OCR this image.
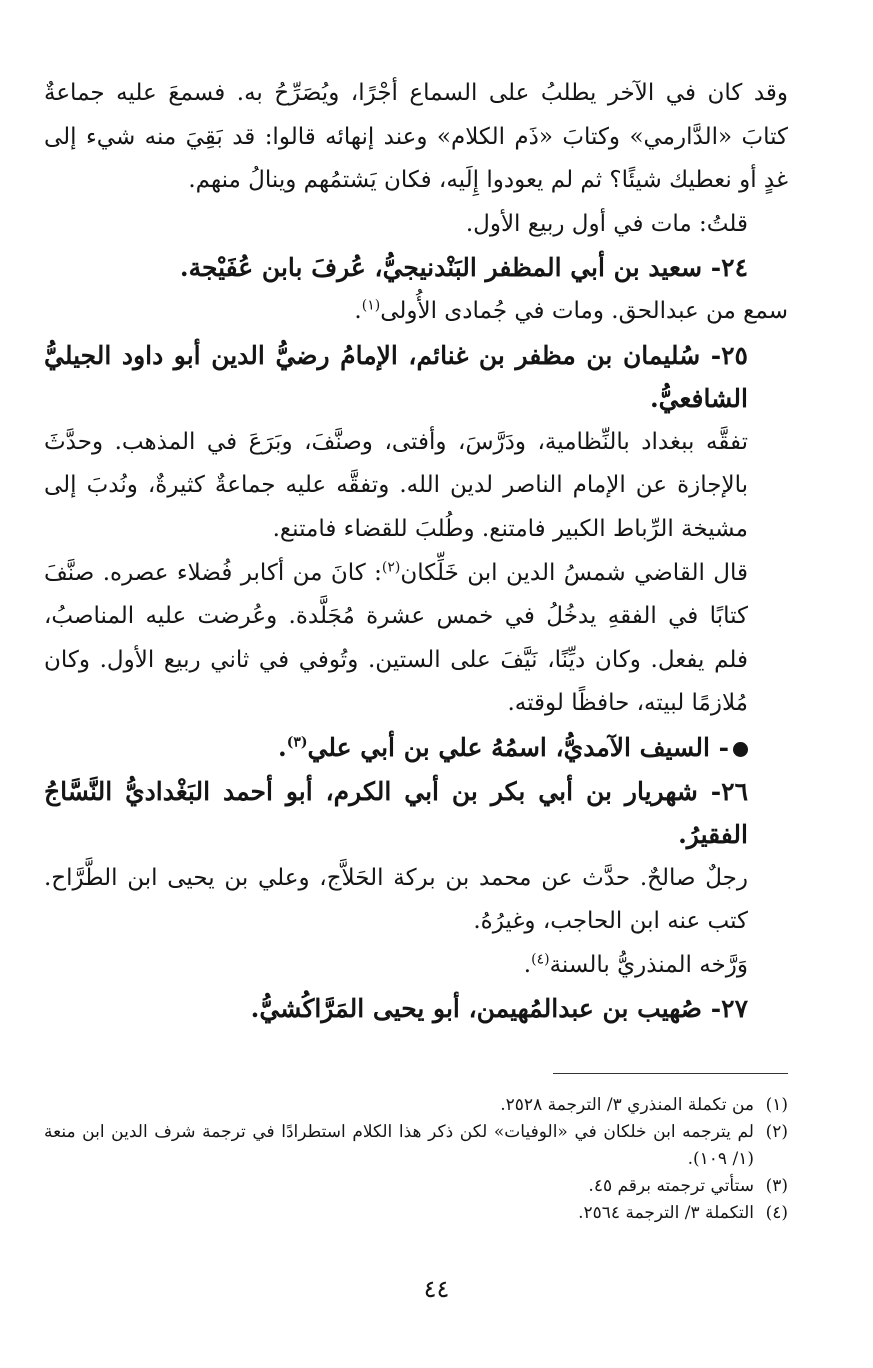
وقد كان في الآخر يطلبُ على السماع أجْرًا، ويُصَرِّحُ به. فسمعَ عليه جماعةٌ كتابَ «الدَّارمي» وكتابَ «ذَم الكلام» وعند إنهائه قالوا: قد بَقِيَ منه شيء إلى غدٍ أو نعطيك شيئًا؟ ثم لم يعودوا إِلَيه، فكان يَشتمُهم وينالُ منهم.

قلتُ: مات في أول ربيع الأول.

٢٤- سعيد بن أبي المظفر البَنْدنيجيُّ، عُرفَ بابن عُفَيْجة.

سمع من عبدالحق. ومات في جُمادى الأُولى$^{(١)}$.

٢٥- سُليمان بن مظفر بن غنائم، الإمامُ رضيُّ الدين أبو داود الجيليُّ الشافعيُّ.

تفقَّه ببغداد بالنِّظامية، ودَرَّسَ، وأفتى، وصنَّفَ، وبَرَعَ في المذهب. وحدَّثَ بالإجازة عن الإمام الناصر لدين الله. وتفقَّه عليه جماعةٌ كثيرةٌ، ونُدبَ إلى مشيخة الرِّباط الكبير فامتنع. وطُلبَ للقضاء فامتنع.

قال القاضي شمسُ الدين ابن خَلِّكان$^{(٢)}$: كانَ من أكابر فُضلاء عصره. صنَّفَ كتابًا في الفقهِ يدخُلُ في خمس عشرة مُجَلَّدة. وعُرضت عليه المناصبُ، فلم يفعل. وكان ديِّنًا، نَيَّفَ على الستين. وتُوفي في ثاني ربيع الأول. وكان مُلازمًا لبيته، حافظًا لوقته.

- السيف الآمديُّ، اسمُهُ علي بن أبي علي$^{(٣)}$.

٢٦- شهريار بن أبي بكر بن أبي الكرم، أبو أحمد البَغْداديُّ النَّسَّاجُ الفقيرُ.

رجلٌ صالحٌ. حدَّث عن محمد بن بركة الحَلاَّج، وعلي بن يحيى ابن الطَّرَّاح. كتب عنه ابن الحاجب، وغيرُهُ.

وَرَّخه المنذريُّ بالسنة$^{(٤)}$.

٢٧- صُهيب بن عبدالمُهيمن، أبو يحيى المَرَّاكُشيُّ.

(١)
من تكملة المنذري ٣/ الترجمة ٢٥٢٨.

(٢)
لم يترجمه ابن خلكان في «الوفيات» لكن ذكر هذا الكلام استطرادًا في ترجمة شرف الدين ابن منعة (١/ ١٠٩).

(٣)
ستأتي ترجمته برقم ٤٥.

(٤)
التكملة ٣/ الترجمة ٢٥٦٤.

٤٤
